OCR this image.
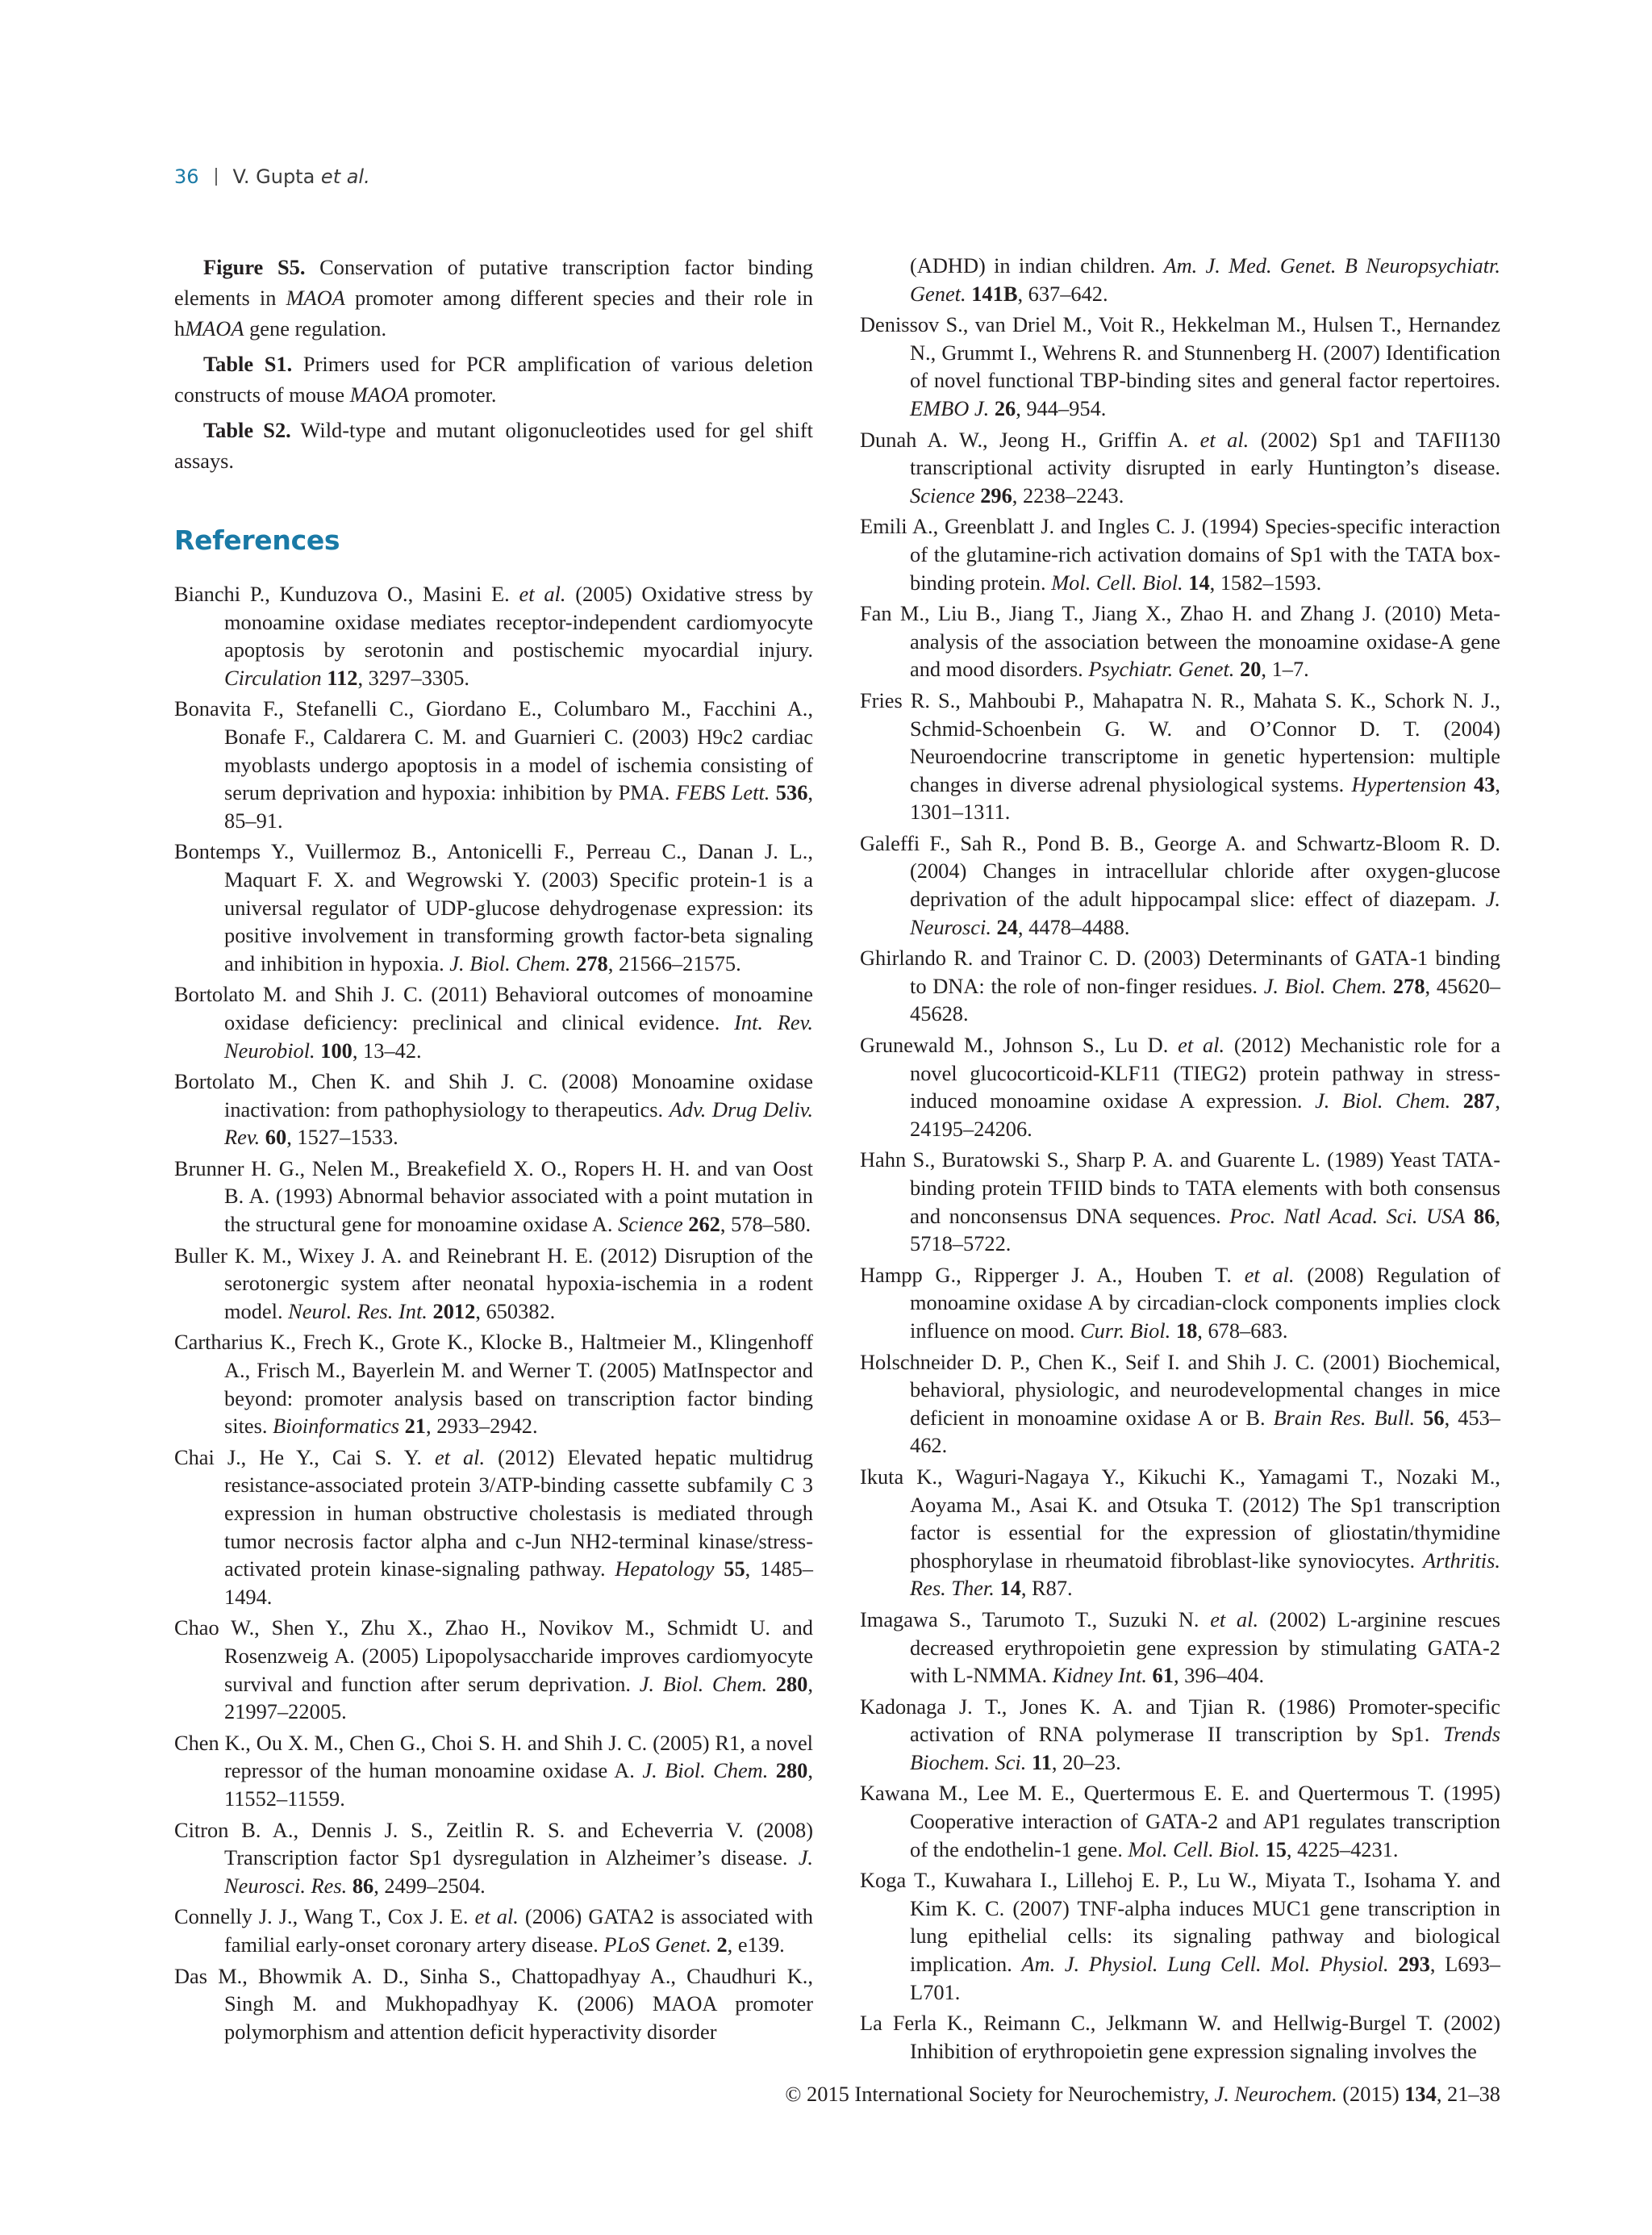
36 V. Gupta et al.

Figure S5. Conservation of putative transcription factor binding elements in MAOA promoter among different species and their role in hMAOA gene regulation.

Table S1. Primers used for PCR amplification of various deletion constructs of mouse MAOA promoter.

Table S2. Wild-type and mutant oligonucleotides used for gel shift assays.

References

Bianchi P., Kunduzova O., Masini E. et al. (2005) Oxidative stress by monoamine oxidase mediates receptor-independent cardiomyocyte apoptosis by serotonin and postischemic myocardial injury. Circulation 112, 3297–3305.

Bonavita F., Stefanelli C., Giordano E., Columbaro M., Facchini A., Bonafe F., Caldarera C. M. and Guarnieri C. (2003) H9c2 cardiac myoblasts undergo apoptosis in a model of ischemia consisting of serum deprivation and hypoxia: inhibition by PMA. FEBS Lett. 536, 85–91.

Bontemps Y., Vuillermoz B., Antonicelli F., Perreau C., Danan J. L., Maquart F. X. and Wegrowski Y. (2003) Specific protein-1 is a universal regulator of UDP-glucose dehydrogenase expression: its positive involvement in transforming growth factor-beta signaling and inhibition in hypoxia. J. Biol. Chem. 278, 21566–21575.

Bortolato M. and Shih J. C. (2011) Behavioral outcomes of monoamine oxidase deficiency: preclinical and clinical evidence. Int. Rev. Neurobiol. 100, 13–42.

Bortolato M., Chen K. and Shih J. C. (2008) Monoamine oxidase inactivation: from pathophysiology to therapeutics. Adv. Drug Deliv. Rev. 60, 1527–1533.

Brunner H. G., Nelen M., Breakefield X. O., Ropers H. H. and van Oost B. A. (1993) Abnormal behavior associated with a point mutation in the structural gene for monoamine oxidase A. Science 262, 578–580.

Buller K. M., Wixey J. A. and Reinebrant H. E. (2012) Disruption of the serotonergic system after neonatal hypoxia-ischemia in a rodent model. Neurol. Res. Int. 2012, 650382.

Cartharius K., Frech K., Grote K., Klocke B., Haltmeier M., Klingenhoff A., Frisch M., Bayerlein M. and Werner T. (2005) MatInspector and beyond: promoter analysis based on transcription factor binding sites. Bioinformatics 21, 2933–2942.

Chai J., He Y., Cai S. Y. et al. (2012) Elevated hepatic multidrug resistance-associated protein 3/ATP-binding cassette subfamily C 3 expression in human obstructive cholestasis is mediated through tumor necrosis factor alpha and c-Jun NH2-terminal kinase/stress-activated protein kinase-signaling pathway. Hepatology 55, 1485–1494.

Chao W., Shen Y., Zhu X., Zhao H., Novikov M., Schmidt U. and Rosenzweig A. (2005) Lipopolysaccharide improves cardiomyocyte survival and function after serum deprivation. J. Biol. Chem. 280, 21997–22005.

Chen K., Ou X. M., Chen G., Choi S. H. and Shih J. C. (2005) R1, a novel repressor of the human monoamine oxidase A. J. Biol. Chem. 280, 11552–11559.

Citron B. A., Dennis J. S., Zeitlin R. S. and Echeverria V. (2008) Transcription factor Sp1 dysregulation in Alzheimer’s disease. J. Neurosci. Res. 86, 2499–2504.

Connelly J. J., Wang T., Cox J. E. et al. (2006) GATA2 is associated with familial early-onset coronary artery disease. PLoS Genet. 2, e139.

Das M., Bhowmik A. D., Sinha S., Chattopadhyay A., Chaudhuri K., Singh M. and Mukhopadhyay K. (2006) MAOA promoter polymorphism and attention deficit hyperactivity disorder

(ADHD) in indian children. Am. J. Med. Genet. B Neuropsychiatr. Genet. 141B, 637–642.

Denissov S., van Driel M., Voit R., Hekkelman M., Hulsen T., Hernandez N., Grummt I., Wehrens R. and Stunnenberg H. (2007) Identification of novel functional TBP-binding sites and general factor repertoires. EMBO J. 26, 944–954.

Dunah A. W., Jeong H., Griffin A. et al. (2002) Sp1 and TAFII130 transcriptional activity disrupted in early Huntington’s disease. Science 296, 2238–2243.

Emili A., Greenblatt J. and Ingles C. J. (1994) Species-specific interaction of the glutamine-rich activation domains of Sp1 with the TATA box-binding protein. Mol. Cell. Biol. 14, 1582–1593.

Fan M., Liu B., Jiang T., Jiang X., Zhao H. and Zhang J. (2010) Meta-analysis of the association between the monoamine oxidase-A gene and mood disorders. Psychiatr. Genet. 20, 1–7.

Fries R. S., Mahboubi P., Mahapatra N. R., Mahata S. K., Schork N. J., Schmid-Schoenbein G. W. and O’Connor D. T. (2004) Neuroendocrine transcriptome in genetic hypertension: multiple changes in diverse adrenal physiological systems. Hypertension 43, 1301–1311.

Galeffi F., Sah R., Pond B. B., George A. and Schwartz-Bloom R. D. (2004) Changes in intracellular chloride after oxygen-glucose deprivation of the adult hippocampal slice: effect of diazepam. J. Neurosci. 24, 4478–4488.

Ghirlando R. and Trainor C. D. (2003) Determinants of GATA-1 binding to DNA: the role of non-finger residues. J. Biol. Chem. 278, 45620–45628.

Grunewald M., Johnson S., Lu D. et al. (2012) Mechanistic role for a novel glucocorticoid-KLF11 (TIEG2) protein pathway in stress-induced monoamine oxidase A expression. J. Biol. Chem. 287, 24195–24206.

Hahn S., Buratowski S., Sharp P. A. and Guarente L. (1989) Yeast TATA-binding protein TFIID binds to TATA elements with both consensus and nonconsensus DNA sequences. Proc. Natl Acad. Sci. USA 86, 5718–5722.

Hampp G., Ripperger J. A., Houben T. et al. (2008) Regulation of monoamine oxidase A by circadian-clock components implies clock influence on mood. Curr. Biol. 18, 678–683.

Holschneider D. P., Chen K., Seif I. and Shih J. C. (2001) Biochemical, behavioral, physiologic, and neurodevelopmental changes in mice deficient in monoamine oxidase A or B. Brain Res. Bull. 56, 453–462.

Ikuta K., Waguri-Nagaya Y., Kikuchi K., Yamagami T., Nozaki M., Aoyama M., Asai K. and Otsuka T. (2012) The Sp1 transcription factor is essential for the expression of gliostatin/thymidine phosphorylase in rheumatoid fibroblast-like synoviocytes. Arthritis. Res. Ther. 14, R87.

Imagawa S., Tarumoto T., Suzuki N. et al. (2002) L-arginine rescues decreased erythropoietin gene expression by stimulating GATA-2 with L-NMMA. Kidney Int. 61, 396–404.

Kadonaga J. T., Jones K. A. and Tjian R. (1986) Promoter-specific activation of RNA polymerase II transcription by Sp1. Trends Biochem. Sci. 11, 20–23.

Kawana M., Lee M. E., Quertermous E. E. and Quertermous T. (1995) Cooperative interaction of GATA-2 and AP1 regulates transcription of the endothelin-1 gene. Mol. Cell. Biol. 15, 4225–4231.

Koga T., Kuwahara I., Lillehoj E. P., Lu W., Miyata T., Isohama Y. and Kim K. C. (2007) TNF-alpha induces MUC1 gene transcription in lung epithelial cells: its signaling pathway and biological implication. Am. J. Physiol. Lung Cell. Mol. Physiol. 293, L693–L701.

La Ferla K., Reimann C., Jelkmann W. and Hellwig-Burgel T. (2002) Inhibition of erythropoietin gene expression signaling involves the

© 2015 International Society for Neurochemistry, J. Neurochem. (2015) 134, 21–38
